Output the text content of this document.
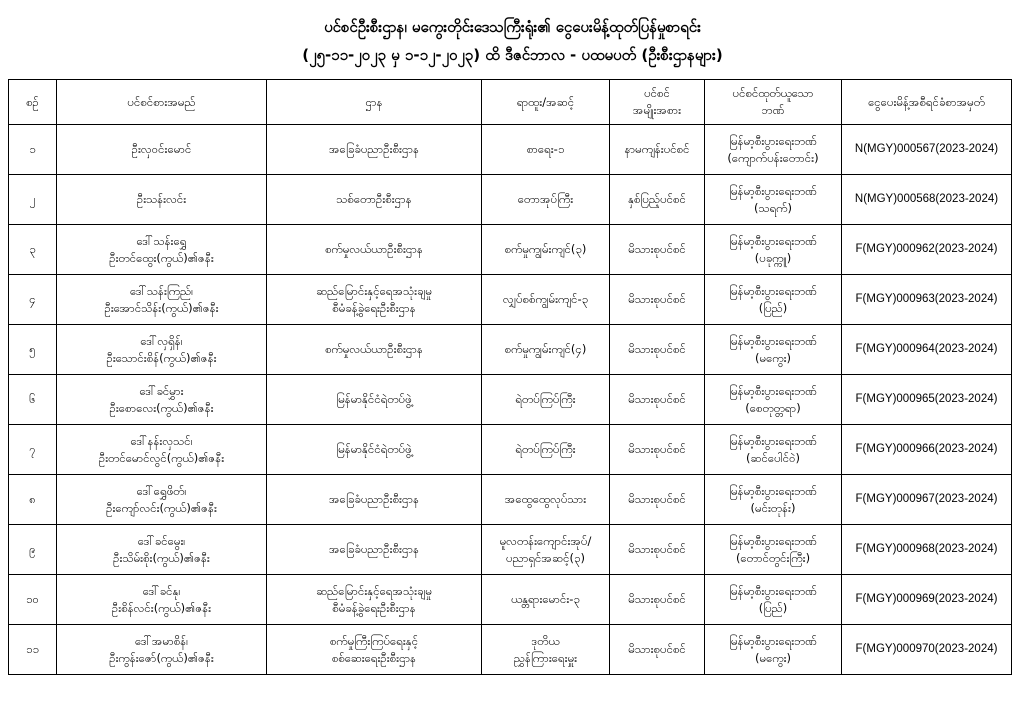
ပင်စင်ဦးစီးဌာန၊ မကွေးတိုင်းဒေသကြီးရုံး၏ ငွေပေးမိန့်ထုတ်ပြန်မှုစာရင်း
(၂၅-၁၁-၂၀၂၃ မှ ၁-၁၂-၂၀၂၃) ထိ ဒီဇင်ဘာလ - ပထမပတ် (ဦးစီးဌာနများ)
စဉ်	ပင်စင်စားအမည်	ဌာန	ရာထူး/အဆင့်	ပင်စင်
အမျိုးအစား	ပင်စင်ထုတ်ယူသော
ဘဏ်	ငွေပေးမိန့်အစီရင်ခံစာအမှတ်
၁	ဦးလှဝင်းမောင်	အခြေခံပညာဦးစီးဌာန	စာရေး-၁	နာမကျန်းပင်စင်	မြန်မာ့စီးပွားရေးဘဏ်
(ကျောက်ပန်းတောင်း)	N(MGY)000567(2023-2024)
၂	ဦးသန်းလင်း	သစ်တောဦးစီးဌာန	တောအုပ်ကြီး	နှစ်ပြည့်ပင်စင်	မြန်မာ့စီးပွားရေးဘဏ်
(သရက်)	N(MGY)000568(2023-2024)
၃	ဒေါ်သန်းရွှေ
ဦးတင်ထွေး(ကွယ်)၏ဇနီး	စက်မှုလယ်ယာဦးစီးဌာန	စက်မှုကျွမ်းကျင်(၃)	မိသားစုပင်စင်	မြန်မာ့စီးပွားရေးဘဏ်
(ပခုက္ကူ)	F(MGY)000962(2023-2024)
၄	ဒေါ်သန်းကြည်၊
ဦးအောင်သိန်း(ကွယ်)၏ဇနီး	ဆည်မြောင်းနှင့်ရေအသုံးချမှု
စီမံခန့်ခွဲရေးဦးစီးဌာန	လျှပ်စစ်ကျွမ်းကျင်-၃	မိသားစုပင်စင်	မြန်မာ့စီးပွားရေးဘဏ်
(ပြည်)	F(MGY)000963(2023-2024)
၅	ဒေါ်လှရှိန်၊
ဦးသောင်းစိန်(ကွယ်)၏ဇနီး	စက်မှုလယ်ယာဦးစီးဌာန	စက်မှုကျွမ်းကျင်(၄)	မိသားစုပင်စင်	မြန်မာ့စီးပွားရေးဘဏ်
(မကွေး)	F(MGY)000964(2023-2024)
၆	ဒေါ်ခင်မွှား
ဦးစောလေး(ကွယ်)၏ဇနီး	မြန်မာနိုင်ငံရဲတပ်ဖွဲ့	ရဲတပ်ကြပ်ကြီး	မိသားစုပင်စင်	မြန်မာ့စီးပွားရေးဘဏ်
(စေတုတ္တရာ)	F(MGY)000965(2023-2024)
၇	ဒေါ်နန်းလှသင်၊
ဦးတင်မောင်လွင်(ကွယ်)၏ဇနီး	မြန်မာနိုင်ငံရဲတပ်ဖွဲ့	ရဲတပ်ကြပ်ကြီး	မိသားစုပင်စင်	မြန်မာ့စီးပွားရေးဘဏ်
(ဆင်ပေါင်ဝဲ)	F(MGY)000966(2023-2024)
၈	ဒေါ်ရွှေဖိတ်၊
ဦးကျော်လင်း(ကွယ်)၏ဇနီး	အခြေခံပညာဦးစီးဌာန	အထွေထွေလုပ်သား	မိသားစုပင်စင်	မြန်မာ့စီးပွားရေးဘဏ်
(မင်းတုန်း)	F(MGY)000967(2023-2024)
၉	ဒေါ်ခင်မွေး၊
ဦးသိမ်းစိုး(ကွယ်)၏ဇနီး	အခြေခံပညာဦးစီးဌာန	မူလတန်းကျောင်းအုပ်/
ပညာရှင်အဆင့်(၃)	မိသားစုပင်စင်	မြန်မာ့စီးပွားရေးဘဏ်
(တောင်တွင်းကြီး)	F(MGY)000968(2023-2024)
၁၀	ဒေါ်ခင်နု၊
ဦးစိန်လင်း(ကွယ်)၏ဇနီး	ဆည်မြောင်းနှင့်ရေအသုံးချမှု
စီမံခန့်ခွဲရေးဦးစီးဌာန	ယန္တရားမောင်း-၃	မိသားစုပင်စင်	မြန်မာ့စီးပွားရေးဘဏ်
(ပြည်)	F(MGY)000969(2023-2024)
၁၁	ဒေါ်အမာစိန်၊
ဦးကွန်းဇော်(ကွယ်)၏ဇနီး	စက်မှုကြီးကြပ်ရေးနှင့်
စစ်ဆေးရေးဦးစီးဌာန	ဒုတိယ
ညွှန်ကြားရေးမှူး	မိသားစုပင်စင်	မြန်မာ့စီးပွားရေးဘဏ်
(မကွေး)	F(MGY)000970(2023-2024)
